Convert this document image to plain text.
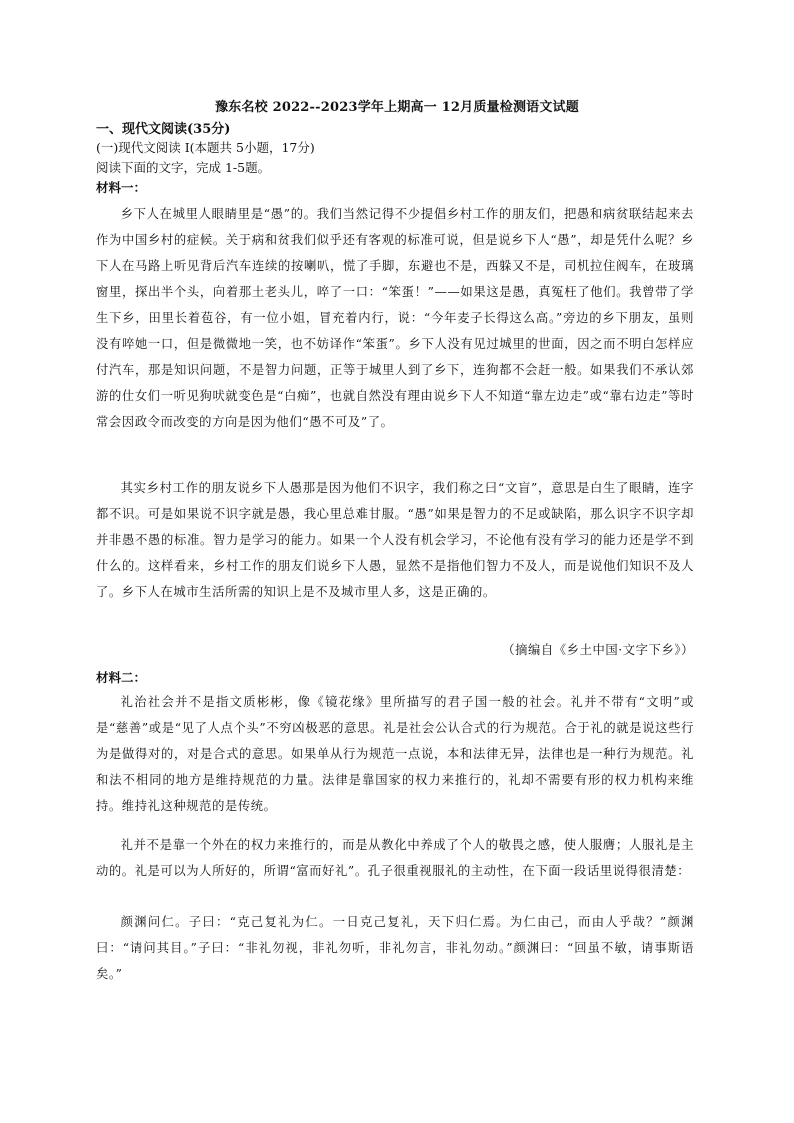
豫东名校 2022--2023学年上期高一 12月质量检测语文试题
一、现代文阅读(35分)
(一)现代文阅读 I(本题共 5小题，17分)
阅读下面的文字，完成 1-5题。
材料一：

乡下人在城里人眼睛里是“愚”的。我们当然记得不少提倡乡村工作的朋友们，把愚和病贫联结起来去作为中国乡村的症候。关于病和贫我们似乎还有客观的标准可说，但是说乡下人“愚”，却是凭什么呢？乡下人在马路上听见背后汽车连续的按喇叭，慌了手脚，东避也不是，西躲又不是，司机拉住阀车，在玻璃窗里，探出半个头，向着那土老头儿，啐了一口：“笨蛋！”——如果这是愚，真冤枉了他们。我曾带了学生下乡，田里长着苞谷，有一位小姐，冒充着内行，说：“今年麦子长得这么高。”旁边的乡下朋友，虽则没有啐她一口，但是微微地一笑，也不妨译作“笨蛋”。乡下人没有见过城里的世面，因之而不明白怎样应付汽车，那是知识问题，不是智力问题，正等于城里人到了乡下，连狗都不会赶一般。如果我们不承认郊游的仕女们一听见狗吠就变色是“白痴”，也就自然没有理由说乡下人不知道“靠左边走”或“靠右边走”等时常会因政令而改变的方向是因为他们“愚不可及”了。

其实乡村工作的朋友说乡下人愚那是因为他们不识字，我们称之曰“文盲”，意思是白生了眼睛，连字都不识。可是如果说不识字就是愚，我心里总难甘服。“愚”如果是智力的不足或缺陷，那么识字不识字却并非愚不愚的标准。智力是学习的能力。如果一个人没有机会学习，不论他有没有学习的能力还是学不到什么的。这样看来，乡村工作的朋友们说乡下人愚，显然不是指他们智力不及人，而是说他们知识不及人了。乡下人在城市生活所需的知识上是不及城市里人多，这是正确的。

（摘编自《乡土中国·文字下乡》）
材料二：

礼治社会并不是指文质彬彬，像《镜花缘》里所描写的君子国一般的社会。礼并不带有“文明”或是“慈善”或是“见了人点个头”不穷凶极恶的意思。礼是社会公认合式的行为规范。合于礼的就是说这些行为是做得对的，对是合式的意思。如果单从行为规范一点说，本和法律无异，法律也是一种行为规范。礼和法不相同的地方是维持规范的力量。法律是靠国家的权力来推行的，礼却不需要有形的权力机构来维持。维持礼这种规范的是传统。

礼并不是靠一个外在的权力来推行的，而是从教化中养成了个人的敬畏之感，使人服膺；人服礼是主动的。礼是可以为人所好的，所谓“富而好礼”。孔子很重视服礼的主动性，在下面一段话里说得很清楚：

颜渊问仁。子曰：“克己复礼为仁。一日克己复礼，天下归仁焉。为仁由己，而由人乎哉？”颜渊曰：“请问其目。”子曰：“非礼勿视，非礼勿听，非礼勿言，非礼勿动。”颜渊曰：“回虽不敏，请事斯语矣。”
